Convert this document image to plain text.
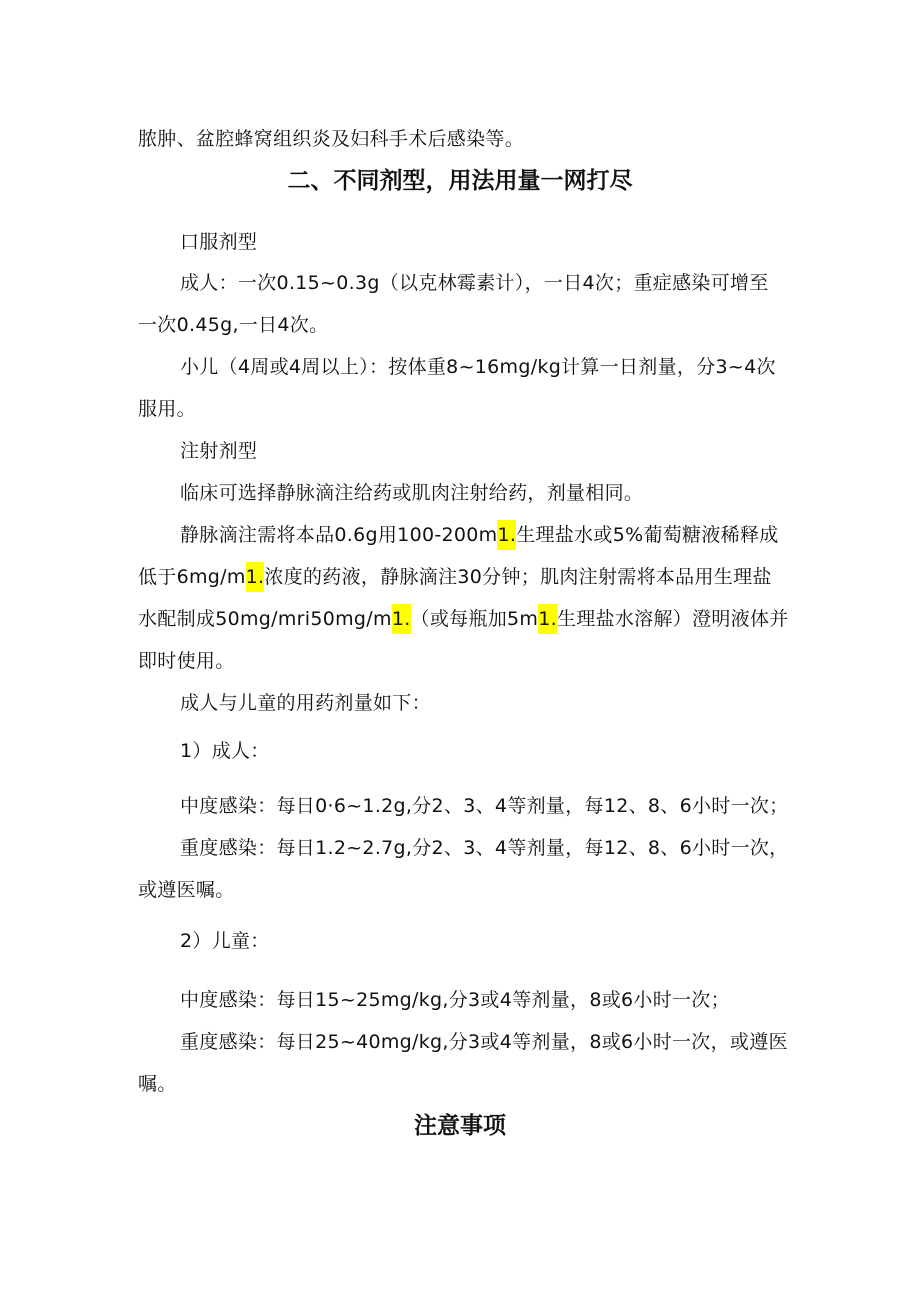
脓肿、盆腔蜂窝组织炎及妇科手术后感染等。
二、不同剂型，用法用量一网打尽
口服剂型
成人：一次0.15~0.3g（以克林霉素计），一日4次；重症感染可增至
一次0.45g,一日4次。
小儿（4周或4周以上）：按体重8~16mg∕kg计算一日剂量，分3~4次
服用。
注射剂型
临床可选择静脉滴注给药或肌肉注射给药，剂量相同。
静脉滴注需将本品0.6g用100-200m1.生理盐水或5%葡萄糖液稀释成
低于6mg∕m1.浓度的药液，静脉滴注30分钟；肌肉注射需将本品用生理盐
水配制成50mg∕mri50mg∕m1.（或每瓶加5m1.生理盐水溶解）澄明液体并
即时使用。
成人与儿童的用药剂量如下：
1）成人：
中度感染：每日0·6~1.2g,分2、3、4等剂量，每12、8、6小时一次；
重度感染：每日1.2~2.7g,分2、3、4等剂量，每12、8、6小时一次，
或遵医嘱。
2）儿童：
中度感染：每日15~25mg∕kg,分3或4等剂量，8或6小时一次；
重度感染：每日25~40mg∕kg,分3或4等剂量，8或6小时一次，或遵医
嘱。
注意事项
